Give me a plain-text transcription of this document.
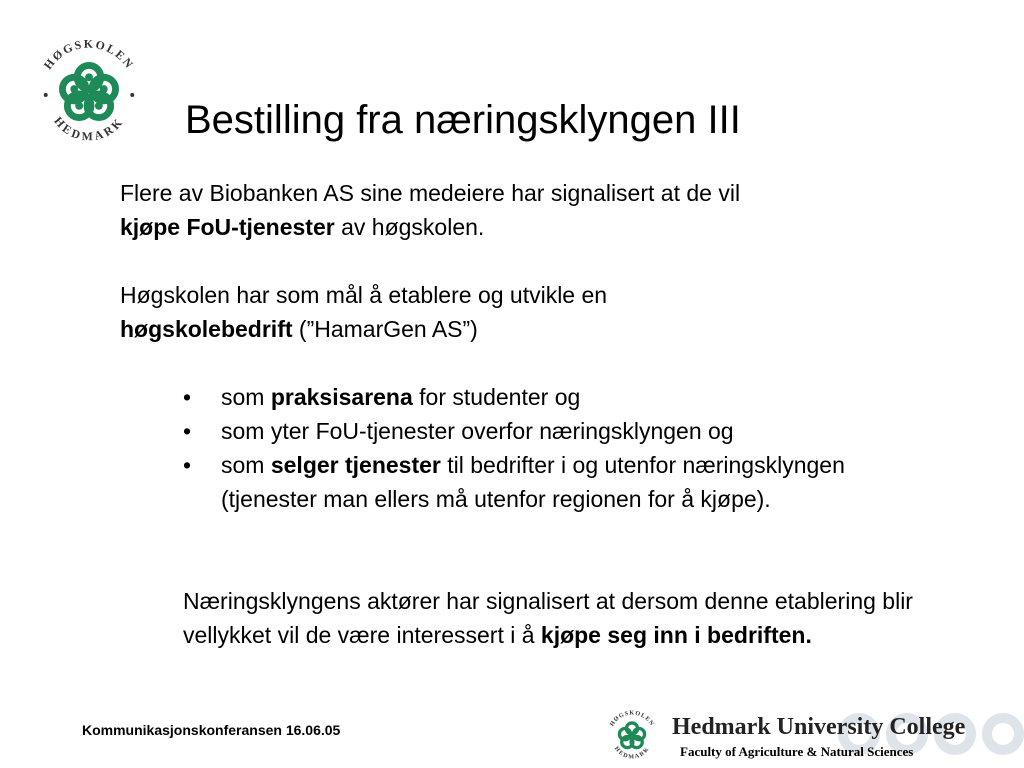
HØGSKOLEN
HEDMARK Bestilling fra næringsklyngen III

Flere av Biobanken AS sine medeiere har signalisert at de vil
kjøpe FoU-tjenester av høgskolen.

Høgskolen har som mål å etablere og utvikle en
høgskolebedrift (”HamarGen AS”)

• som praksisarena for studenter og
• som yter FoU-tjenester overfor næringsklyngen og
• som selger tjenester til bedrifter i og utenfor næringsklyngen (tjenester man ellers må utenfor regionen for å kjøpe).

Næringsklyngens aktører har signalisert at dersom denne etablering blir vellykket vil de være interessert i å kjøpe seg inn i bedriften.

Kommunikasjonskonferansen 16.06.05	HØGSKOLEN
HEDMARK

Hedmark University College

Faculty of Agriculture & Natural Sciences
